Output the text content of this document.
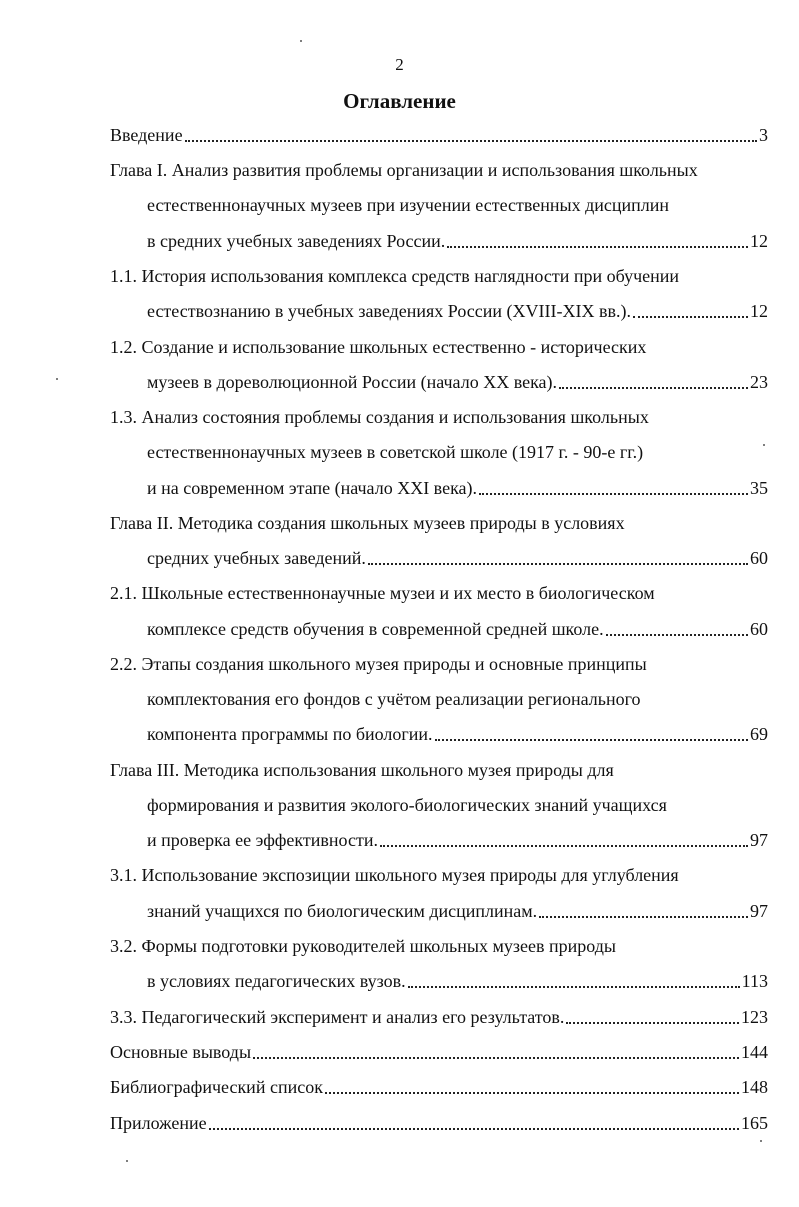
2
Оглавление
Введение	3
Глава I. Анализ развития проблемы организации и использования школьных
естественнонаучных музеев при изучении естественных дисциплин
в средних учебных заведениях России.	12
1.1. История использования комплекса средств наглядности при обучении
естествознанию в учебных заведениях России (XVIII-XIX вв.).	12
1.2. Создание и использование школьных естественно - исторических
музеев в дореволюционной России (начало XX века).	23
1.3. Анализ состояния проблемы создания и использования школьных
естественнонаучных музеев в советской школе (1917 г. - 90-е гг.)
и на современном этапе (начало XXI века).	35
Глава II. Методика создания школьных музеев природы в условиях
средних учебных заведений.	60
2.1. Школьные естественнонаучные музеи и их место в биологическом
комплексе средств обучения в современной средней школе.	60
2.2. Этапы создания школьного музея природы и основные принципы
комплектования его фондов с учётом реализации регионального
компонента программы по биологии.	69
Глава III. Методика использования школьного музея природы для
формирования и развития эколого-биологических знаний учащихся
и проверка ее эффективности.	97
3.1. Использование экспозиции школьного музея природы для углубления
знаний учащихся по биологическим дисциплинам.	97
3.2. Формы подготовки руководителей школьных музеев природы
в условиях педагогических вузов.	113
3.3. Педагогический эксперимент и анализ его результатов.	123
Основные выводы	144
Библиографический список	148
Приложение	165
